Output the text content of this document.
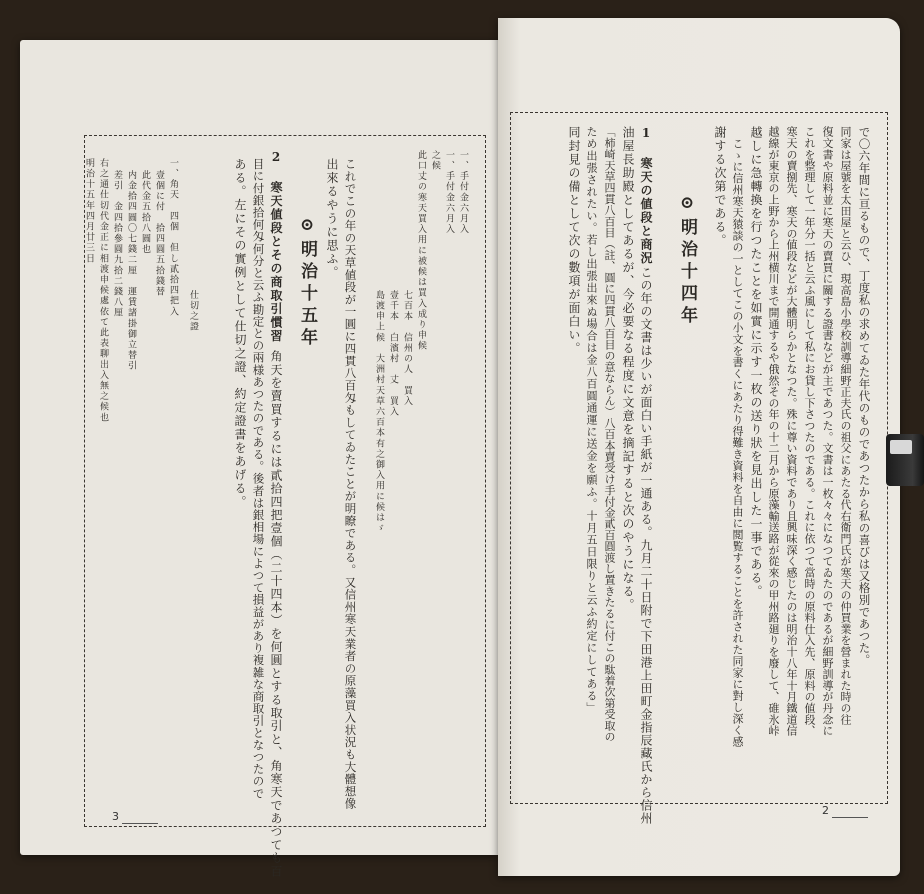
一、手付金六月入
一、手付金六月入
之候
此口丈の寒天買入用に被候は買入成り申候
七百本　信州の人　買入
壹千本　白濱村　丈　買入
島渡申上候　大洲村天草六百本有之御入用に候はゞ
これでこの年の天草値段が一圓に四貫八百匁もしてゐたことが明瞭である。又信州寒天業者の原藻買入状況も大體想像
出來るやうに思ふ。
⊙明治十五年
2 寒天値段とその商取引慣習
角天を賣買するには貳拾四把壹個（二十四本）を何圓とする取引と、角寒天であつても百
目に付銀拾何匁何分と云ふ勘定との兩様あつたのである。後者は銀相場によつて損益があり複雑な商取引となつたので
ある。左にその實例として仕切之證、約定證書をあげる。
仕切之證
一、角天　四個　但し貳拾四把入
壹個に付　拾四圓五拾錢替
此代金五拾八圓也
内金拾四圓〇七錢二厘　運賃諸掛御立替引
差引　金四拾參圓九拾二錢八厘
右之通仕切代金正に相渡申候處依て此表聊出入無之候也
明治十五年四月廿三日
3
で〇六年間に亘るもので、丁度私の求めてゐた年代のものであつたから私の喜びは又格別であつた。
同家は屋號を太田屋と云ひ、現高島小學校訓導細野正夫氏の祖父にあたる代右衛門氏が寒天の仲買業を營まれた時の往
復文書や原料並に寒天の賣買に關する證書などが主であつた。文書は一枚々々になつてゐたのであるが細野訓導が丹念に
これを整理して一年分一括と云ふ風にして私にお貸し下さつたのである。これに依つて當時の原料仕入先、原料の値段、
寒天の賣捌先、寒天の値段などが大體明らかとなつた。殊に尊い資料であり且興味深く感じたのは明治十八年十月鐵道信
越線が東京の上野から上州横川まで開通するや俄然その年の十二月から原藻輸送路が從來の甲州路廻りを廢して、碓氷峠
越しに急轉換を行つたことを如實に示す一枚の送り狀を見出した一事である。
こゝに信州寒天猿談の一としてこの小文を書くにあたり得難き資料を自由に閲覧することを許された同家に對し深く感
謝する次第である。
⊙明治十四年
1 寒天の値段と商況
この年の文書は少いが面白い手紙が一通ある。九月二十日附で下田港上田町金指辰藏氏から信州
油屋長助殿としてあるが、今必要なる程度に文意を摘記すると次のやうになる。
「柿崎天草四貫八百目（註、圓に四貫八百目の意ならん）八百本賣受け手付金貳百圓渡し置きたるに付この駄着次第受取の
ため出張されたい。若し出張出來ぬ場合は金八百圓通運に送金を願ふ。十月五日限りと云ふ約定にしてある」
同封見の備として次の數項が面白い。
2
